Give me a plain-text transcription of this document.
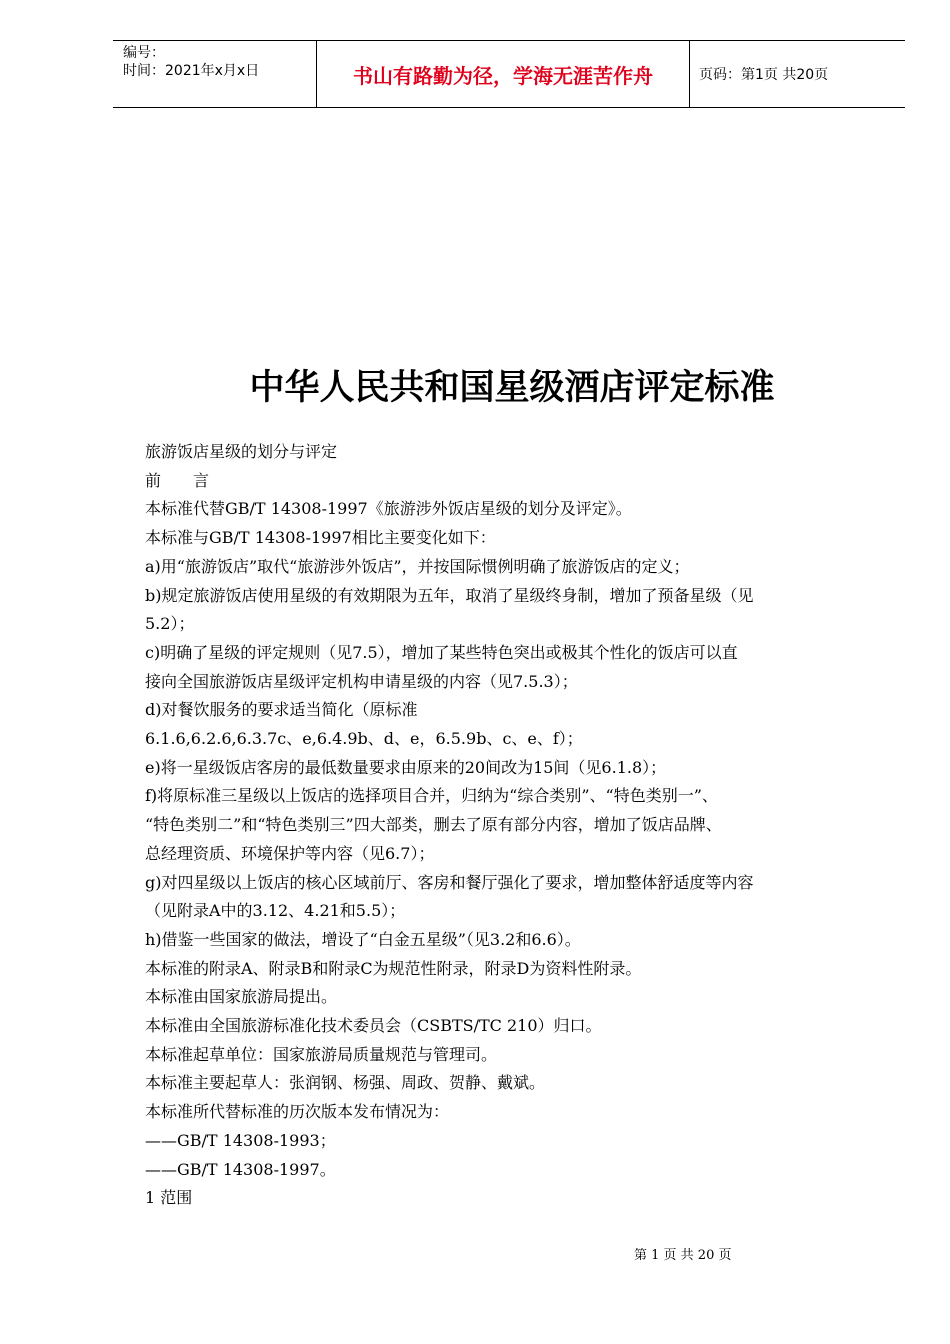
编号：
时间：2021年x月x日	书山有路勤为径，学海无涯苦作舟	页码：第1页 共20页
中华人民共和国星级酒店评定标准

旅游饭店星级的划分与评定

前　　言

本标准代替GB/T 14308-1997《旅游涉外饭店星级的划分及评定》。

本标准与GB/T 14308-1997相比主要变化如下：

a)用“旅游饭店”取代“旅游涉外饭店”，并按国际惯例明确了旅游饭店的定义；

b)规定旅游饭店使用星级的有效期限为五年，取消了星级终身制，增加了预备星级（见

5.2）；

c)明确了星级的评定规则（见7.5），增加了某些特色突出或极其个性化的饭店可以直

接向全国旅游饭店星级评定机构申请星级的内容（见7.5.3）；

d)对餐饮服务的要求适当简化（原标准

6.1.6,6.2.6,6.3.7c、e,6.4.9b、d、e，6.5.9b、c、e、f）；

e)将一星级饭店客房的最低数量要求由原来的20间改为15间（见6.1.8）；

f)将原标准三星级以上饭店的选择项目合并，归纳为“综合类别”、“特色类别一”、

“特色类别二”和“特色类别三”四大部类，删去了原有部分内容，增加了饭店品牌、

总经理资质、环境保护等内容（见6.7）；

g)对四星级以上饭店的核心区域前厅、客房和餐厅强化了要求，增加整体舒适度等内容

（见附录A中的3.12、4.21和5.5）；

h)借鉴一些国家的做法，增设了“白金五星级”（见3.2和6.6）。

本标准的附录A、附录B和附录C为规范性附录，附录D为资料性附录。

本标准由国家旅游局提出。

本标准由全国旅游标准化技术委员会（CSBTS/TC 210）归口。

本标准起草单位：国家旅游局质量规范与管理司。

本标准主要起草人：张润钢、杨强、周政、贺静、戴斌。

本标准所代替标准的历次版本发布情况为：

——GB/T 14308-1993；

——GB/T 14308-1997。

1 范围

第 1 页 共 20 页
